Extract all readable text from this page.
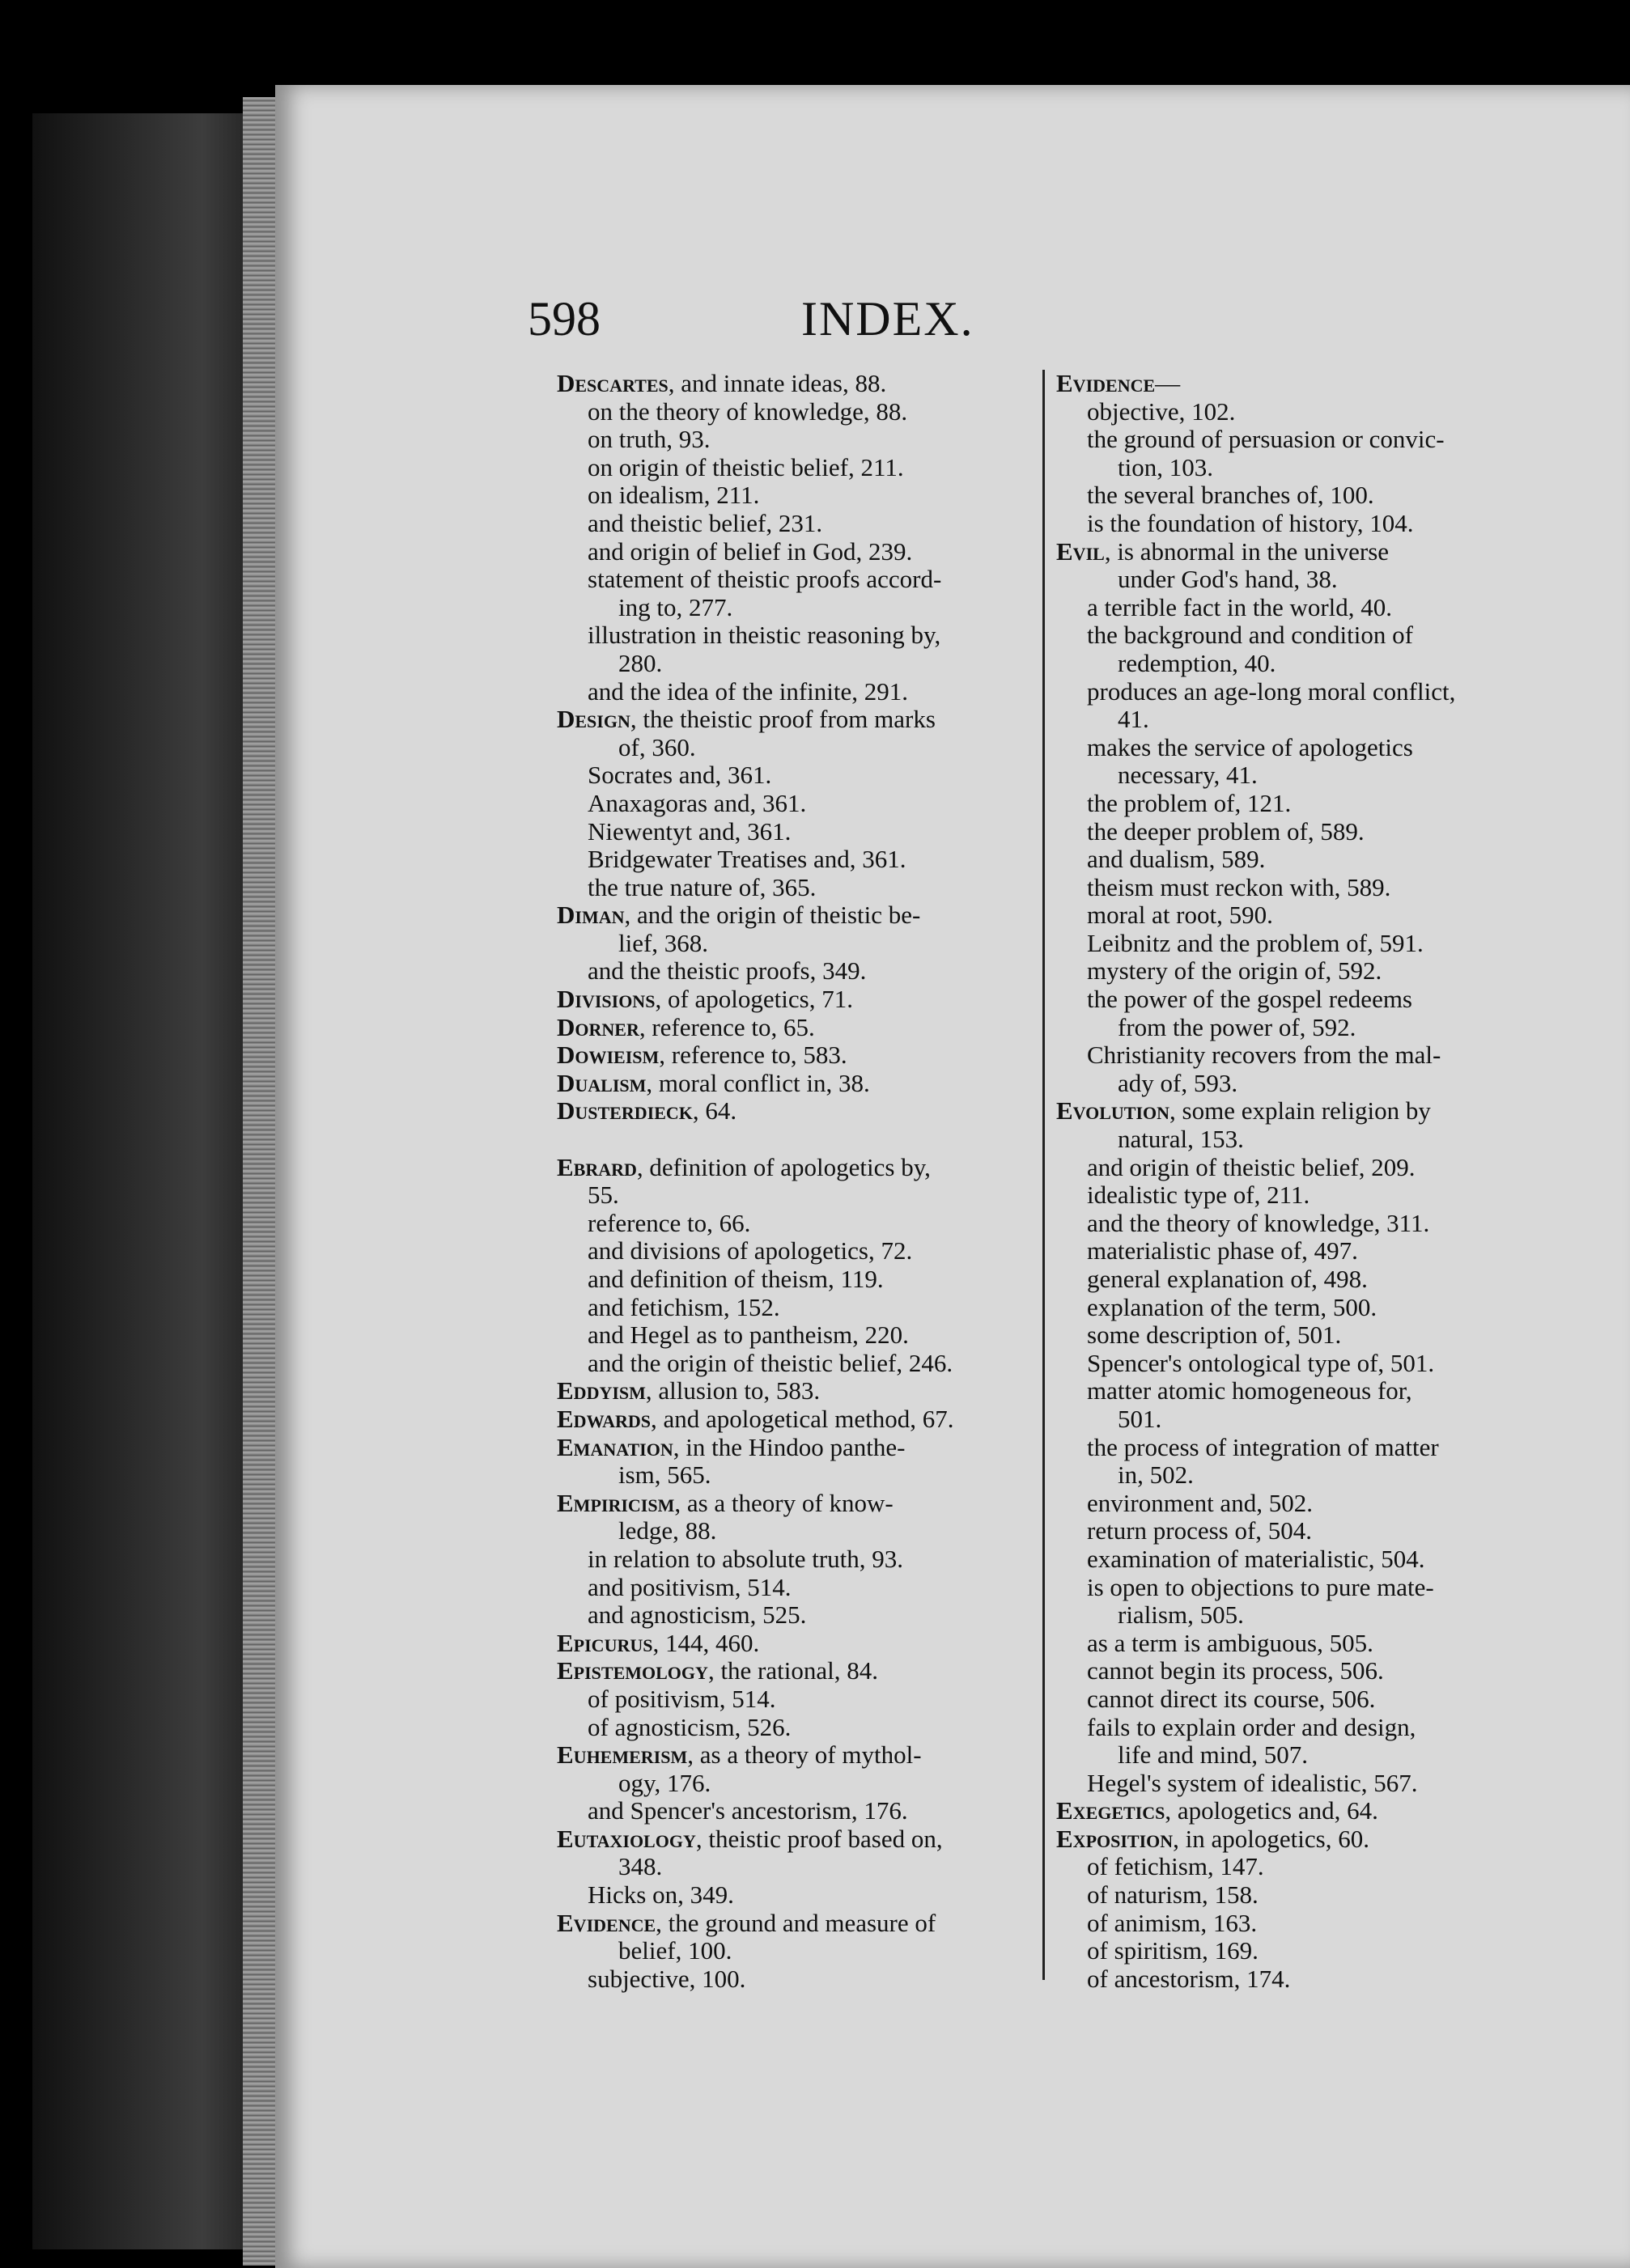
598	INDEX.
Descartes, and innate ideas, 88.
on the theory of knowledge, 88.
on truth, 93.
on origin of theistic belief, 211.
on idealism, 211.
and theistic belief, 231.
and origin of belief in God, 239.
statement of theistic proofs accord-
ing to, 277.
illustration in theistic reasoning by,
280.
and the idea of the infinite, 291.
Design, the theistic proof from marks
of, 360.
Socrates and, 361.
Anaxagoras and, 361.
Niewentyt and, 361.
Bridgewater Treatises and, 361.
the true nature of, 365.
Diman, and the origin of theistic be-
lief, 368.
and the theistic proofs, 349.
Divisions, of apologetics, 71.
Dorner, reference to, 65.
Dowieism, reference to, 583.
Dualism, moral conflict in, 38.
Dusterdieck, 64.
Ebrard, definition of apologetics by,
55.
reference to, 66.
and divisions of apologetics, 72.
and definition of theism, 119.
and fetichism, 152.
and Hegel as to pantheism, 220.
and the origin of theistic belief, 246.
Eddyism, allusion to, 583.
Edwards, and apologetical method, 67.
Emanation, in the Hindoo panthe-
ism, 565.
Empiricism, as a theory of know-
ledge, 88.
in relation to absolute truth, 93.
and positivism, 514.
and agnosticism, 525.
Epicurus, 144, 460.
Epistemology, the rational, 84.
of positivism, 514.
of agnosticism, 526.
Euhemerism, as a theory of mythol-
ogy, 176.
and Spencer's ancestorism, 176.
Eutaxiology, theistic proof based on,
348.
Hicks on, 349.
Evidence, the ground and measure of
belief, 100.
subjective, 100.
Evidence—
objective, 102.
the ground of persuasion or convic-
tion, 103.
the several branches of, 100.
is the foundation of history, 104.
Evil, is abnormal in the universe
under God's hand, 38.
a terrible fact in the world, 40.
the background and condition of
redemption, 40.
produces an age-long moral conflict,
41.
makes the service of apologetics
necessary, 41.
the problem of, 121.
the deeper problem of, 589.
and dualism, 589.
theism must reckon with, 589.
moral at root, 590.
Leibnitz and the problem of, 591.
mystery of the origin of, 592.
the power of the gospel redeems
from the power of, 592.
Christianity recovers from the mal-
ady of, 593.
Evolution, some explain religion by
natural, 153.
and origin of theistic belief, 209.
idealistic type of, 211.
and the theory of knowledge, 311.
materialistic phase of, 497.
general explanation of, 498.
explanation of the term, 500.
some description of, 501.
Spencer's ontological type of, 501.
matter atomic homogeneous for,
501.
the process of integration of matter
in, 502.
environment and, 502.
return process of, 504.
examination of materialistic, 504.
is open to objections to pure mate-
rialism, 505.
as a term is ambiguous, 505.
cannot begin its process, 506.
cannot direct its course, 506.
fails to explain order and design,
life and mind, 507.
Hegel's system of idealistic, 567.
Exegetics, apologetics and, 64.
Exposition, in apologetics, 60.
of fetichism, 147.
of naturism, 158.
of animism, 163.
of spiritism, 169.
of ancestorism, 174.
